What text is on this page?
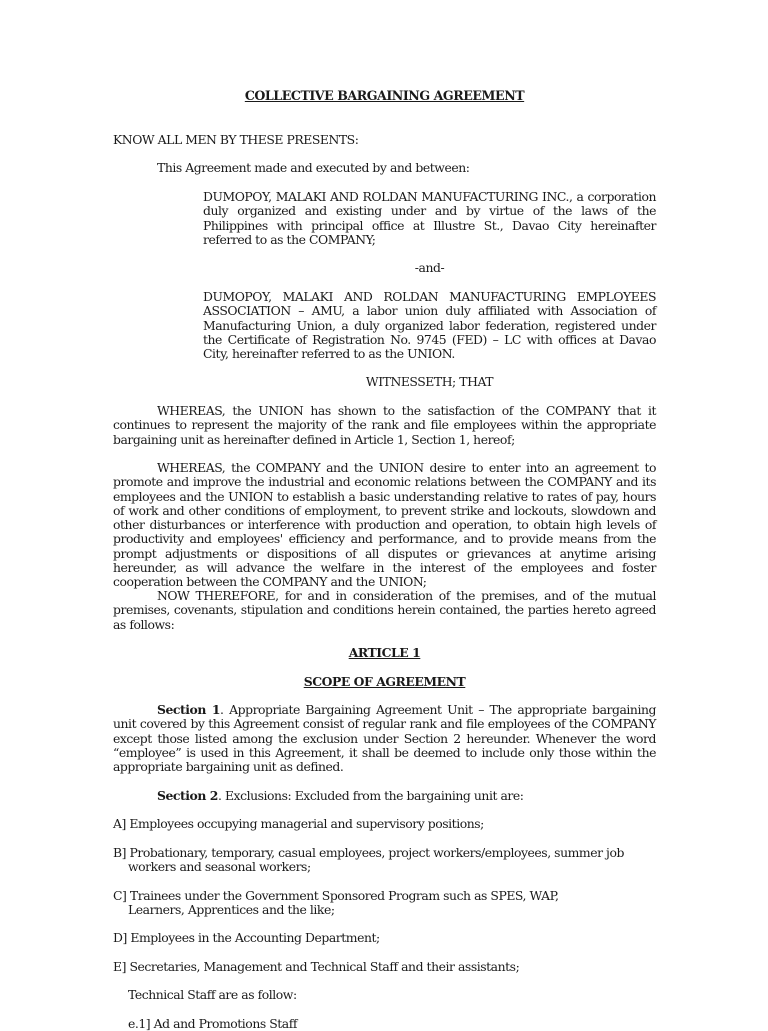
COLLECTIVE BARGAINING AGREEMENT
KNOW ALL MEN BY THESE PRESENTS:
This Agreement made and executed by and between:
DUMOPOY, MALAKI AND ROLDAN MANUFACTURING INC., a corporation duly organized and existing under and by virtue of the laws of the Philippines with principal office at Illustre St., Davao City hereinafter referred to as the COMPANY;
-and-
DUMOPOY, MALAKI AND ROLDAN MANUFACTURING EMPLOYEES ASSOCIATION – AMU, a labor union duly affiliated with Association of Manufacturing Union, a duly organized labor federation, registered under the Certificate of Registration No. 9745 (FED) – LC with offices at Davao City, hereinafter referred to as the UNION.
WITNESSETH; THAT
WHEREAS, the UNION has shown to the satisfaction of the COMPANY that it continues to represent the majority of the rank and file employees within the appropriate bargaining unit as hereinafter defined in Article 1, Section 1, hereof;
WHEREAS, the COMPANY and the UNION desire to enter into an agreement to promote and improve the industrial and economic relations between the COMPANY and its employees and the UNION to establish a basic understanding relative to rates of pay, hours of work and other conditions of employment, to prevent strike and lockouts, slowdown and other disturbances or interference with production and operation, to obtain high levels of productivity and employees' efficiency and performance, and to provide means from the prompt adjustments or dispositions of all disputes or grievances at anytime arising hereunder, as will advance the welfare in the interest of the employees and foster cooperation between the COMPANY and the UNION;
NOW THEREFORE, for and in consideration of the premises, and of the mutual premises, covenants, stipulation and conditions herein contained, the parties hereto agreed as follows:
ARTICLE 1
SCOPE OF AGREEMENT
Section 1. Appropriate Bargaining Agreement Unit – The appropriate bargaining unit covered by this Agreement consist of regular rank and file employees of the COMPANY except those listed among the exclusion under Section 2 hereunder. Whenever the word “employee” is used in this Agreement, it shall be deemed to include only those within the appropriate bargaining unit as defined.
Section 2. Exclusions: Excluded from the bargaining unit are:
A] Employees occupying managerial and supervisory positions;
B] Probationary, temporary, casual employees, project workers/employees, summer job workers and seasonal workers;
C] Trainees under the Government Sponsored Program such as SPES, WAP, Learners, Apprentices and the like;
D] Employees in the Accounting Department;
E] Secretaries, Management and Technical Staff and their assistants;
Technical Staff are as follow:
e.1] Ad and Promotions Staff
